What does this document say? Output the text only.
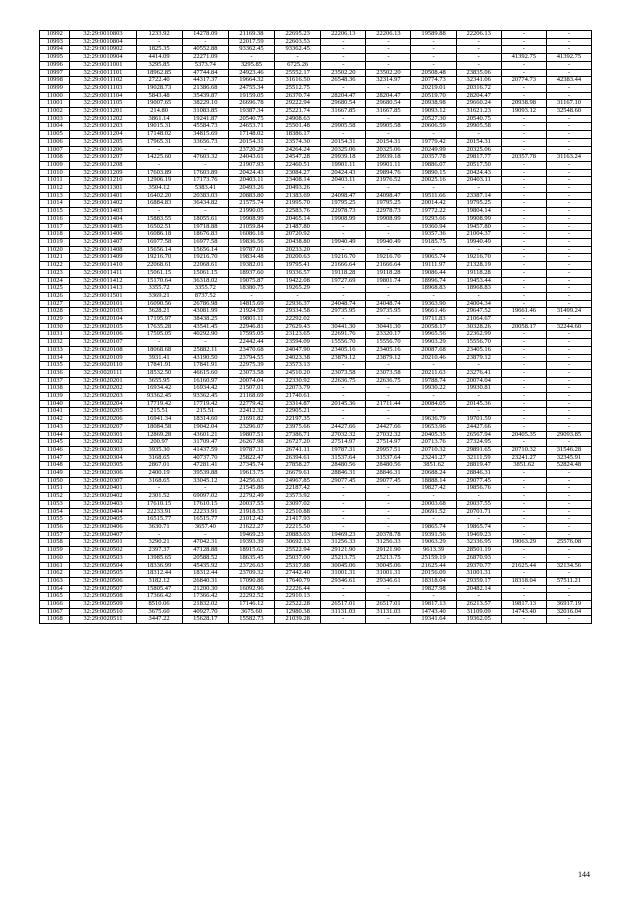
10992	32:29:0010803	1233.92	14278.09	21169.38	22695.23	22206.13	22206.13	19589.88	22206.13	-	-
10993	32:29:0010804	-	-	22017.59	22603.53	-	-	-	-	-	-
10994	32:29:0010902	1825.35	40552.88	93362.45	93362.45	-	-	-	-	-	-
10995	32:29:0010904	4414.09	22271.09	-	-	-	-	-	-	41392.75	41392.75
10996	32:29:0011001	3295.85	5373.74	3295.85	6725.26	-	-	-	-	-	-
10997	32:29:0011101	18962.85	47744.84	24923.46	25552.17	23502.20	23502.20	20508.48	23835.06	-	-
10998	32:29:0011102	2722.40	44317.37	19664.32	31616.50	26548.36	32314.97	20774.73	32341.06	20774.73	42383.44
10999	32:29:0011103	19028.73	21386.68	24755.34	25512.75	-	-	20219.01	20316.72	-	-
11000	32:29:0011104	5843.48	35439.87	19159.05	26370.74	28204.47	28204.47	20519.70	28204.47	-	-
11001	32:29:0011105	19007.65	38229.10	26696.78	29222.94	29680.54	29680.54	20938.98	29660.24	20938.98	31167.10
11002	32:29:0011201	214.80	31083.85	19387.34	25221.74	31667.85	31667.85	19093.12	31621.23	19093.12	32548.60
11003	32:29:0011202	3861.14	19241.87	20540.75	24908.63	-	-	20527.30	20540.75	-	-
11004	32:29:0011203	19015.31	45584.73	24653.71	25501.48	29905.58	29905.58	20606.59	29905.58	-	-
11005	32:29:0011204	17148.02	34815.69	17148.02	18386.17	-	-	-	-	-	-
11006	32:29:0011205	17965.31	33656.73	20154.31	23574.30	20154.31	20154.31	19779.42	20154.31	-	-
11007	32:29:0011206	-	-	23720.29	24264.24	20325.06	20325.06	20249.99	20325.06	-	-
11008	32:29:0011207	14225.60	47603.32	24043.61	24547.28	29939.18	29939.18	20357.78	29817.77	20357.78	31163.24
11009	32:29:0011208	-	-	21907.93	22460.51	19901.11	19901.11	19886.07	20517.50	-	-
11010	32:29:0011209	17603.89	17603.89	20424.43	23084.27	20424.43	29894.76	19890.15	20424.43	-	-
11011	32:29:0011210	12906.19	17173.76	20403.11	23408.14	20403.11	21976.52	20025.16	20403.11	-	-
11012	32:29:0011301	3504.12	5383.41	20493.26	20493.26	-	-	-	-	-	-
11013	32:29:0011401	16402.20	20383.03	20883.80	21383.69	24098.47	24098.47	19511.66	23387.14	-	-
11014	32:29:0011402	16884.83	36434.82	21575.74	21995.70	19795.25	19795.25	20014.42	19795.25	-	-
11015	32:29:0011403	-	-	21990.05	22583.76	22978.73	22978.73	19772.22	19804.14	-	-
11016	32:29:0011404	15883.55	18055.61	19908.99	20465.14	19908.99	19908.99	19293.66	19908.99	-	-
11017	32:29:0011405	16502.51	19718.88	21059.84	21487.80	-	-	19360.94	19457.80	-	-
11018	32:29:0011406	16086.18	18676.83	16086.18	20720.92	-	-	19357.36	21004.37	-	-
11019	32:29:0011407	16977.58	16977.58	19836.56	20438.80	19940.49	19940.49	19185.75	19940.49	-	-
11020	32:29:0011408	15656.14	15656.14	19787.01	20233.20	-	-	-	-	-	-
11021	32:29:0011409	19216.70	19216.70	19834.48	20200.63	19216.70	19216.70	19065.74	19216.70	-	-
11022	32:29:0011410	22068.61	22068.61	19382.01	19795.41	21666.64	21666.64	19111.97	21328.19	-	-
11023	32:29:0011411	15061.15	15061.15	18937.60	19336.57	19118.28	19118.28	19086.44	19118.28	-	-
11024	32:29:0011412	15170.64	36318.02	19075.87	19422.08	19727.69	19801.74	18996.74	19453.44	-	-
11025	32:29:0011413	3355.72	3355.72	18380.75	19265.29	-	-	18968.83	18968.83	-	-
11026	32:29:0011501	3369.21	8737.52	-	-	-	-	-	-	-	-
11027	32:29:0020101	16090.56	26786.98	14815.69	22936.37	24048.74	24048.74	19363.90	24004.34	-	-
11028	32:29:0020103	3628.21	43081.99	21924.59	29334.58	29735.95	29735.95	19661.46	29647.52	19661.46	31499.24
11029	32:29:0020104	17195.97	38438.25	19801.11	22292.02	-	-	19711.83	21064.67	-	-
11030	32:29:0020105	17635.28	43541.45	22946.81	27629.43	30441.30	30441.30	20058.17	30328.26	20058.17	32244.60
11031	32:29:0020106	17595.05	40292.90	17595.05	23123.65	22691.76	23320.17	19965.56	22362.99	-	-
11032	32:29:0020107	-	-	22442.44	23594.09	15556.70	15556.70	19903.29	15556.70	-	-
11033	32:29:0020108	18068.68	25882.11	23470.68	24047.90	23405.16	23405.16	20087.68	23405.16	-	-
11034	32:29:0020109	3931.41	43190.50	23794.55	24023.38	23879.12	23879.12	20210.46	23879.12	-	-
11035	32:29:0020110	17841.91	17841.91	22975.39	23573.13	-	-	-	-	-	-
11036	32:29:0020111	18532.50	46615.60	23073.58	24510.20	23073.58	23073.58	20211.63	23276.41	-	-
11037	32:29:0020201	3655.95	16160.97	20074.04	22330.92	22636.75	22636.75	19788.74	20074.04	-	-
11038	32:29:0020202	16934.42	16934.42	21507.01	22073.79	-	-	19930.22	19930.81	-	-
11039	32:29:0020203	93362.45	93362.45	21168.69	21740.61	-	-	-	-	-	-
11040	32:29:0020204	17719.42	17719.42	22779.42	23314.87	20145.36	21711.44	20084.05	20145.36	-	-
11041	32:29:0020205	215.51	215.51	22412.32	22905.21	-	-	-	-	-	-
11042	32:29:0020206	16941.34	18314.60	21691.82	22197.35	-	-	19636.79	19701.59	-	-
11043	32:29:0020207	18084.58	19042.04	23296.07	23975.66	24427.66	24427.66	19653.96	24427.66	-	-
11044	32:29:0020301	12869.28	43601.21	19807.51	27386.71	27032.32	27032.32	20405.35	26567.94	20405.35	29093.85
11045	32:29:0020302	200.97	31709.47	26267.98	26727.20	27514.97	27514.97	20713.76	27324.95	-	-
11046	32:29:0020303	3935.30	41437.59	19787.31	26741.11	19787.31	29957.51	20710.32	29891.65	20710.32	31546.28
11047	32:29:0020304	3168.65	40737.70	25822.47	26394.61	31537.64	31537.64	23241.27	32111.59	23241.27	32345.91
11048	32:29:0020305	2867.01	47281.41	27345.74	27858.27	28480.56	28480.56	3851.62	28819.47	3851.62	52824.48
11049	32:29:0020306	2400.19	39539.88	19613.75	26679.61	28846.31	28846.31	20688.24	28846.31	-	-
11050	32:29:0020307	3168.65	33045.12	24256.63	24967.85	29077.45	29077.45	18888.14	29077.45	-	-
11051	32:29:0020401	-	-	21545.86	22187.42	-	-	19827.42	19856.76	-	-
11052	32:29:0020402	2301.52	69097.02	22792.49	23573.92	-	-	-	-	-	-
11053	32:29:0020403	17610.15	17610.15	20037.55	23097.02	-	-	20003.68	20037.55	-	-
11054	32:29:0020404	22233.91	22233.91	21918.53	22510.88	-	-	20691.52	20701.71	-	-
11055	32:29:0020405	16515.77	16515.77	21012.42	21417.93	-	-	-	-	-	-
11056	32:29:0020406	3630.71	3657.40	21622.27	22215.50	-	-	19865.74	19865.74	-	-
11057	32:29:0020407	-	-	19469.23	20883.03	19469.23	20378.78	19391.56	19469.23	-	-
11058	32:29:0020501	3290.21	47042.31	19393.39	30692.13	31256.33	31256.33	19063.29	32336.95	19063.29	25576.08
11059	32:29:0020502	2397.37	47128.88	18915.62	25522.94	29121.90	29121.90	9613.39	28501.19	-	-
11060	32:29:0020503	13985.65	20588.52	18635.45	25037.00	25213.75	25213.75	25159.19	26870.93	-	-
11061	32:29:0020504	18336.99	45435.92	23726.63	25317.88	30045.06	30045.06	21625.44	29370.77	21625.44	32134.56
11062	32:29:0020505	18312.44	18312.44	23709.32	27442.40	31001.31	31001.31	20156.09	31001.31	-	-
11063	32:29:0020506	3182.12	26840.31	17090.88	17640.79	29346.61	29346.61	18318.04	29359.17	18318.04	57511.21
11064	32:29:0020507	15805.47	21200.30	16092.96	22226.44	-	-	19827.98	20482.14	-	-
11065	32:29:0020508	17366.42	17366.42	22292.52	22910.13	-	-	-	-	-	-
11066	32:29:0020509	8510.06	21832.02	17146.12	22522.28	26517.01	26517.01	19817.13	26213.57	19817.13	36917.19
11067	32:29:0020510	3675.60	40927.70	3675.60	12980.38	31131.03	31131.03	14743.40	31109.09	14743.40	32016.04
11068	32:29:0020511	3447.22	15628.17	15582.73	21039.28	-	-	19341.64	19362.05	-	-
144
